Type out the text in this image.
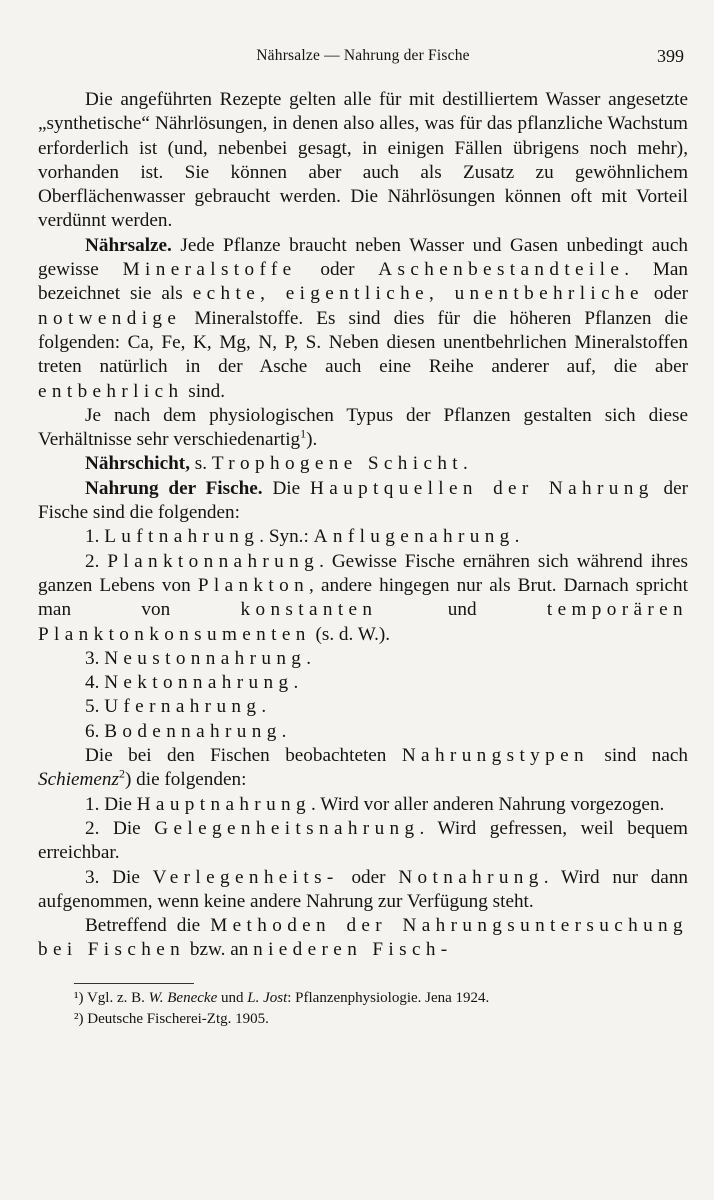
Nährsalze — Nahrung der Fische	399

Die angeführten Rezepte gelten alle für mit destilliertem Wasser angesetzte „synthetische“ Nährlösungen, in denen also alles, was für das pflanzliche Wachstum erforderlich ist (und, nebenbei gesagt, in einigen Fällen übrigens noch mehr), vorhanden ist. Sie können aber auch als Zusatz zu gewöhnlichem Oberflächenwasser gebraucht werden. Die Nährlösungen können oft mit Vorteil verdünnt werden.

Nährsalze. Jede Pflanze braucht neben Wasser und Gasen unbedingt auch gewisse Mineralstoffe oder Aschenbestandteile. Man bezeichnet sie als echte, eigentliche, unentbehrliche oder notwendige Mineralstoffe. Es sind dies für die höheren Pflanzen die folgenden: Ca, Fe, K, Mg, N, P, S. Neben diesen unentbehrlichen Mineralstoffen treten natürlich in der Asche auch eine Reihe anderer auf, die aber entbehrlich sind.

Je nach dem physiologischen Typus der Pflanzen gestalten sich diese Verhältnisse sehr verschiedenartig$^1$).

Nährschicht, s. Trophogene Schicht.

Nahrung der Fische. Die Hauptquellen der Nahrung der Fische sind die folgenden:

1. Luftnahrung. Syn.: Anflugenahrung.

2. Planktonnahrung. Gewisse Fische ernähren sich während ihres ganzen Lebens von Plankton, andere hingegen nur als Brut. Darnach spricht man von konstanten und temporären Planktonkonsumenten (s. d. W.).

3. Neustonnahrung.

4. Nektonnahrung.

5. Ufernahrung.

6. Bodennahrung.

Die bei den Fischen beobachteten Nahrungstypen sind nach Schiemenz$^2$) die folgenden:

1. Die Hauptnahrung. Wird vor aller anderen Nahrung vorgezogen.

2. Die Gelegenheitsnahrung. Wird gefressen, weil bequem erreichbar.

3. Die Verlegenheits- oder Notnahrung. Wird nur dann aufgenommen, wenn keine andere Nahrung zur Verfügung steht.

Betreffend die Methoden der Nahrungsuntersuchung bei Fischen bzw. an niederen Fisch-

¹) Vgl. z. B. W. Benecke und L. Jost: Pflanzenphysiologie. Jena 1924.
²) Deutsche Fischerei-Ztg. 1905.
